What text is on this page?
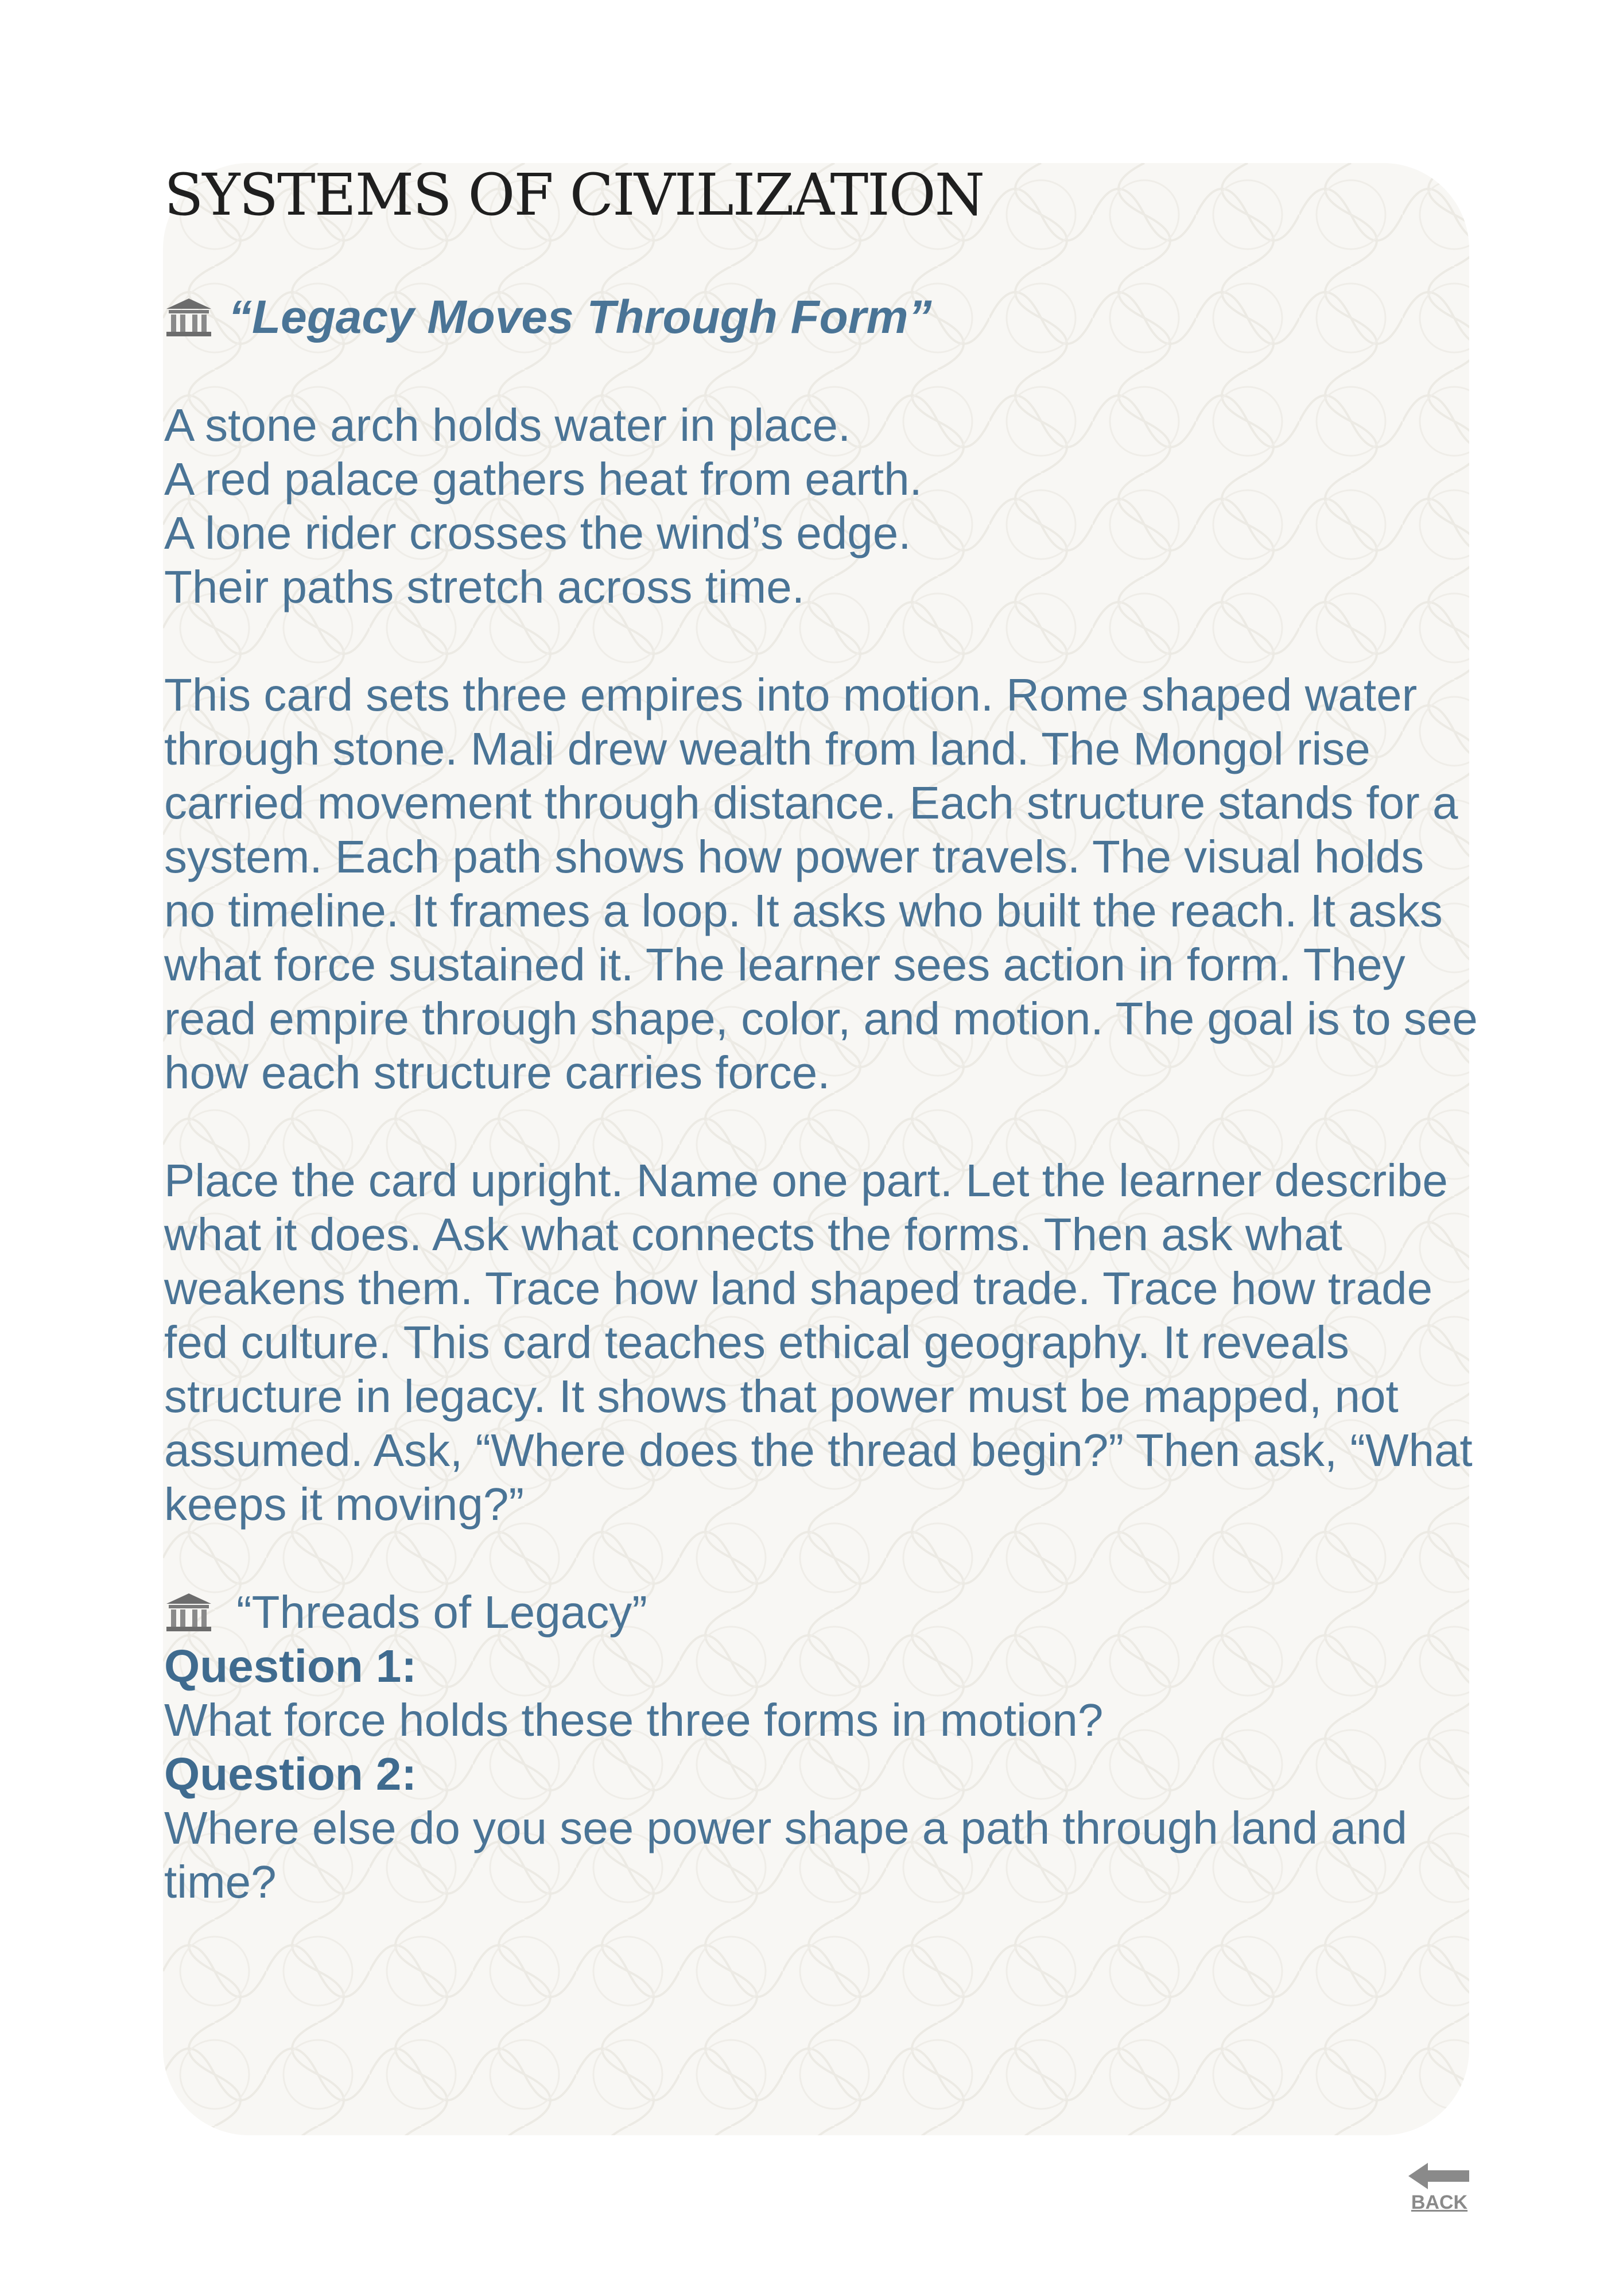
SYSTEMS OF CIVILIZATION
“Legacy Moves Through Form”
A stone arch holds water in place.
A red palace gathers heat from earth.
A lone rider crosses the wind’s edge.
Their paths stretch across time.
This card sets three empires into motion. Rome shaped water through stone. Mali drew wealth from land. The Mongol rise carried movement through distance. Each structure stands for a system. Each path shows how power travels. The visual holds no timeline. It frames a loop. It asks who built the reach. It asks what force sustained it. The learner sees action in form. They read empire through shape, color, and motion. The goal is to see how each structure carries force.
Place the card upright. Name one part. Let the learner describe what it does. Ask what connects the forms. Then ask what weakens them. Trace how land shaped trade. Trace how trade fed culture. This card teaches ethical geography. It reveals structure in legacy. It shows that power must be mapped, not assumed. Ask, “Where does the thread begin?” Then ask, “What keeps it moving?”
“Threads of Legacy”
Question 1:
What force holds these three forms in motion?
Question 2:
Where else do you see power shape a path through land and time?
BACK
